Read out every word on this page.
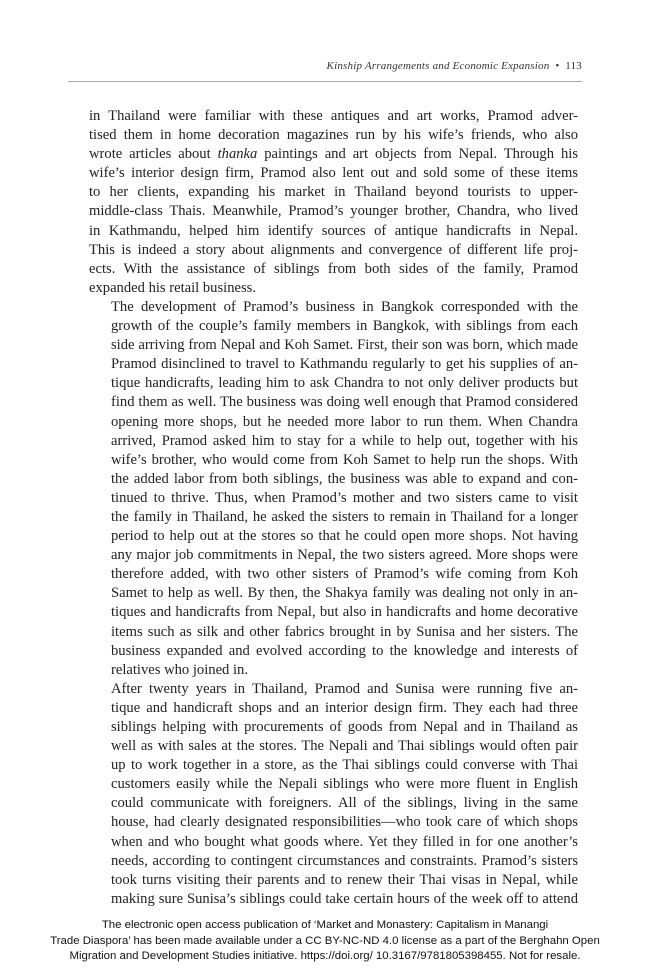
Kinship Arrangements and Economic Expansion • 113

in Thailand were familiar with these antiques and art works, Pramod adver-
tised them in home decoration magazines run by his wife’s friends, who also
wrote articles about thanka paintings and art objects from Nepal. Through his
wife’s interior design firm, Pramod also lent out and sold some of these items
to her clients, expanding his market in Thailand beyond tourists to upper-
middle-class Thais. Meanwhile, Pramod’s younger brother, Chandra, who lived
in Kathmandu, helped him identify sources of antique handicrafts in Nepal.
This is indeed a story about alignments and convergence of different life proj-
ects. With the assistance of siblings from both sides of the family, Pramod
expanded his retail business.

The development of Pramod’s business in Bangkok corresponded with the
growth of the couple’s family members in Bangkok, with siblings from each
side arriving from Nepal and Koh Samet. First, their son was born, which made
Pramod disinclined to travel to Kathmandu regularly to get his supplies of an-
tique handicrafts, leading him to ask Chandra to not only deliver products but
find them as well. The business was doing well enough that Pramod considered
opening more shops, but he needed more labor to run them. When Chandra
arrived, Pramod asked him to stay for a while to help out, together with his
wife’s brother, who would come from Koh Samet to help run the shops. With
the added labor from both siblings, the business was able to expand and con-
tinued to thrive. Thus, when Pramod’s mother and two sisters came to visit
the family in Thailand, he asked the sisters to remain in Thailand for a longer
period to help out at the stores so that he could open more shops. Not having
any major job commitments in Nepal, the two sisters agreed. More shops were
therefore added, with two other sisters of Pramod’s wife coming from Koh
Samet to help as well. By then, the Shakya family was dealing not only in an-
tiques and handicrafts from Nepal, but also in handicrafts and home decorative
items such as silk and other fabrics brought in by Sunisa and her sisters. The
business expanded and evolved according to the knowledge and interests of
relatives who joined in.

After twenty years in Thailand, Pramod and Sunisa were running five an-
tique and handicraft shops and an interior design firm. They each had three
siblings helping with procurements of goods from Nepal and in Thailand as
well as with sales at the stores. The Nepali and Thai siblings would often pair
up to work together in a store, as the Thai siblings could converse with Thai
customers easily while the Nepali siblings who were more fluent in English
could communicate with foreigners. All of the siblings, living in the same
house, had clearly designated responsibilities—who took care of which shops
when and who bought what goods where. Yet they filled in for one another’s
needs, according to contingent circumstances and constraints. Pramod’s sisters
took turns visiting their parents and to renew their Thai visas in Nepal, while
making sure Sunisa’s siblings could take certain hours of the week off to attend

The electronic open access publication of ‘Market and Monastery: Capitalism in Manangi
Trade Diaspora’ has been made available under a CC BY-NC-ND 4.0 license as a part of the Berghahn Open
Migration and Development Studies initiative. https://doi.org/ 10.3167/9781805398455. Not for resale.
